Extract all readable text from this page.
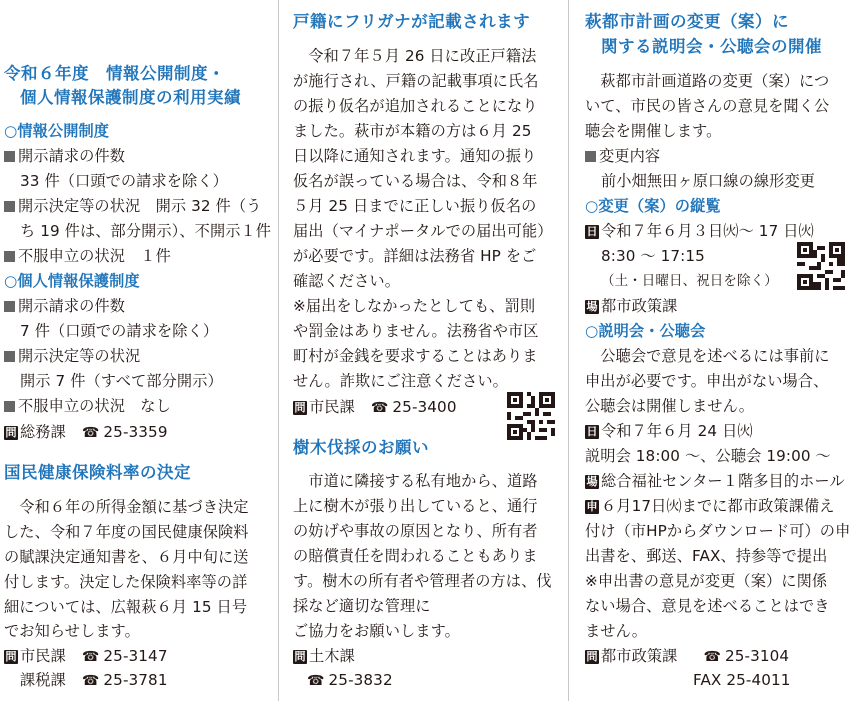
令和６年度　情報公開制度・
個人情報保護制度の利用実績
○情報公開制度
開示請求の件数
33 件（口頭での請求を除く）
開示決定等の状況　開示 32 件（う
ち 19 件は、部分開示）、不開示１件
不服申立の状況　１件
○個人情報保護制度
開示請求の件数
7 件（口頭での請求を除く）
開示決定等の状況
開示 7 件（すべて部分開示）
不服申立の状況　なし
問 総務課 ☎ 25-3359
国民健康保険料率の決定
　令和６年の所得金額に基づき決定
した、令和７年度の国民健康保険料
の賦課決定通知書を、６月中旬に送
付します。決定した保険料率等の詳
細については、広報萩６月 15 日号
でお知らせします。
問 市民課 ☎ 25-3147
課税課 ☎ 25-3781
戸籍にフリガナが記載されます
　令和７年５月 26 日に改正戸籍法
が施行され、戸籍の記載事項に氏名
の振り仮名が追加されることになり
ました。萩市が本籍の方は６月 25
日以降に通知されます。通知の振り
仮名が誤っている場合は、令和８年
５月 25 日までに正しい振り仮名の
届出（マイナポータルでの届出可能）
が必要です。詳細は法務省 HP をご
確認ください。
※届出をしなかったとしても、罰則
や罰金はありません。法務省や市区
町村が金銭を要求することはありま
せん。詐欺にご注意ください。
問 市民課 ☎ 25-3400
樹木伐採のお願い
　市道に隣接する私有地から、道路
上に樹木が張り出していると、通行
の妨げや事故の原因となり、所有者
の賠償責任を問われることもありま
す。樹木の所有者や管理者の方は、伐
採など適切な管理に
ご協力をお願いします。
問 土木課
☎ 25-3832
萩都市計画の変更（案）に
関する説明会・公聴会の開催
　萩都市計画道路の変更（案）につ
いて、市民の皆さんの意見を聞く公
聴会を開催します。
変更内容
前小畑無田ヶ原口線の線形変更
○変更（案）の縦覧
日 令和７年６月３日㈫～ 17 日㈫
8:30 ～ 17:15
（土・日曜日、祝日を除く）
場 都市政策課
○説明会・公聴会
　公聴会で意見を述べるには事前に
申出が必要です。申出がない場合、
公聴会は開催しません。
日 令和７年６月 24 日㈫
説明会 18:00 ～、公聴会 19:00 ～
場 総合福祉センター１階多目的ホール
申 ６月17日㈫までに都市政策課備え
付け（市HPからダウンロード可）の申
出書を、郵送、FAX、持参等で提出
※申出書の意見が変更（案）に関係
ない場合、意見を述べることはでき
ません。
問 都市政策課 ☎ 25-3104
FAX 25-4011
